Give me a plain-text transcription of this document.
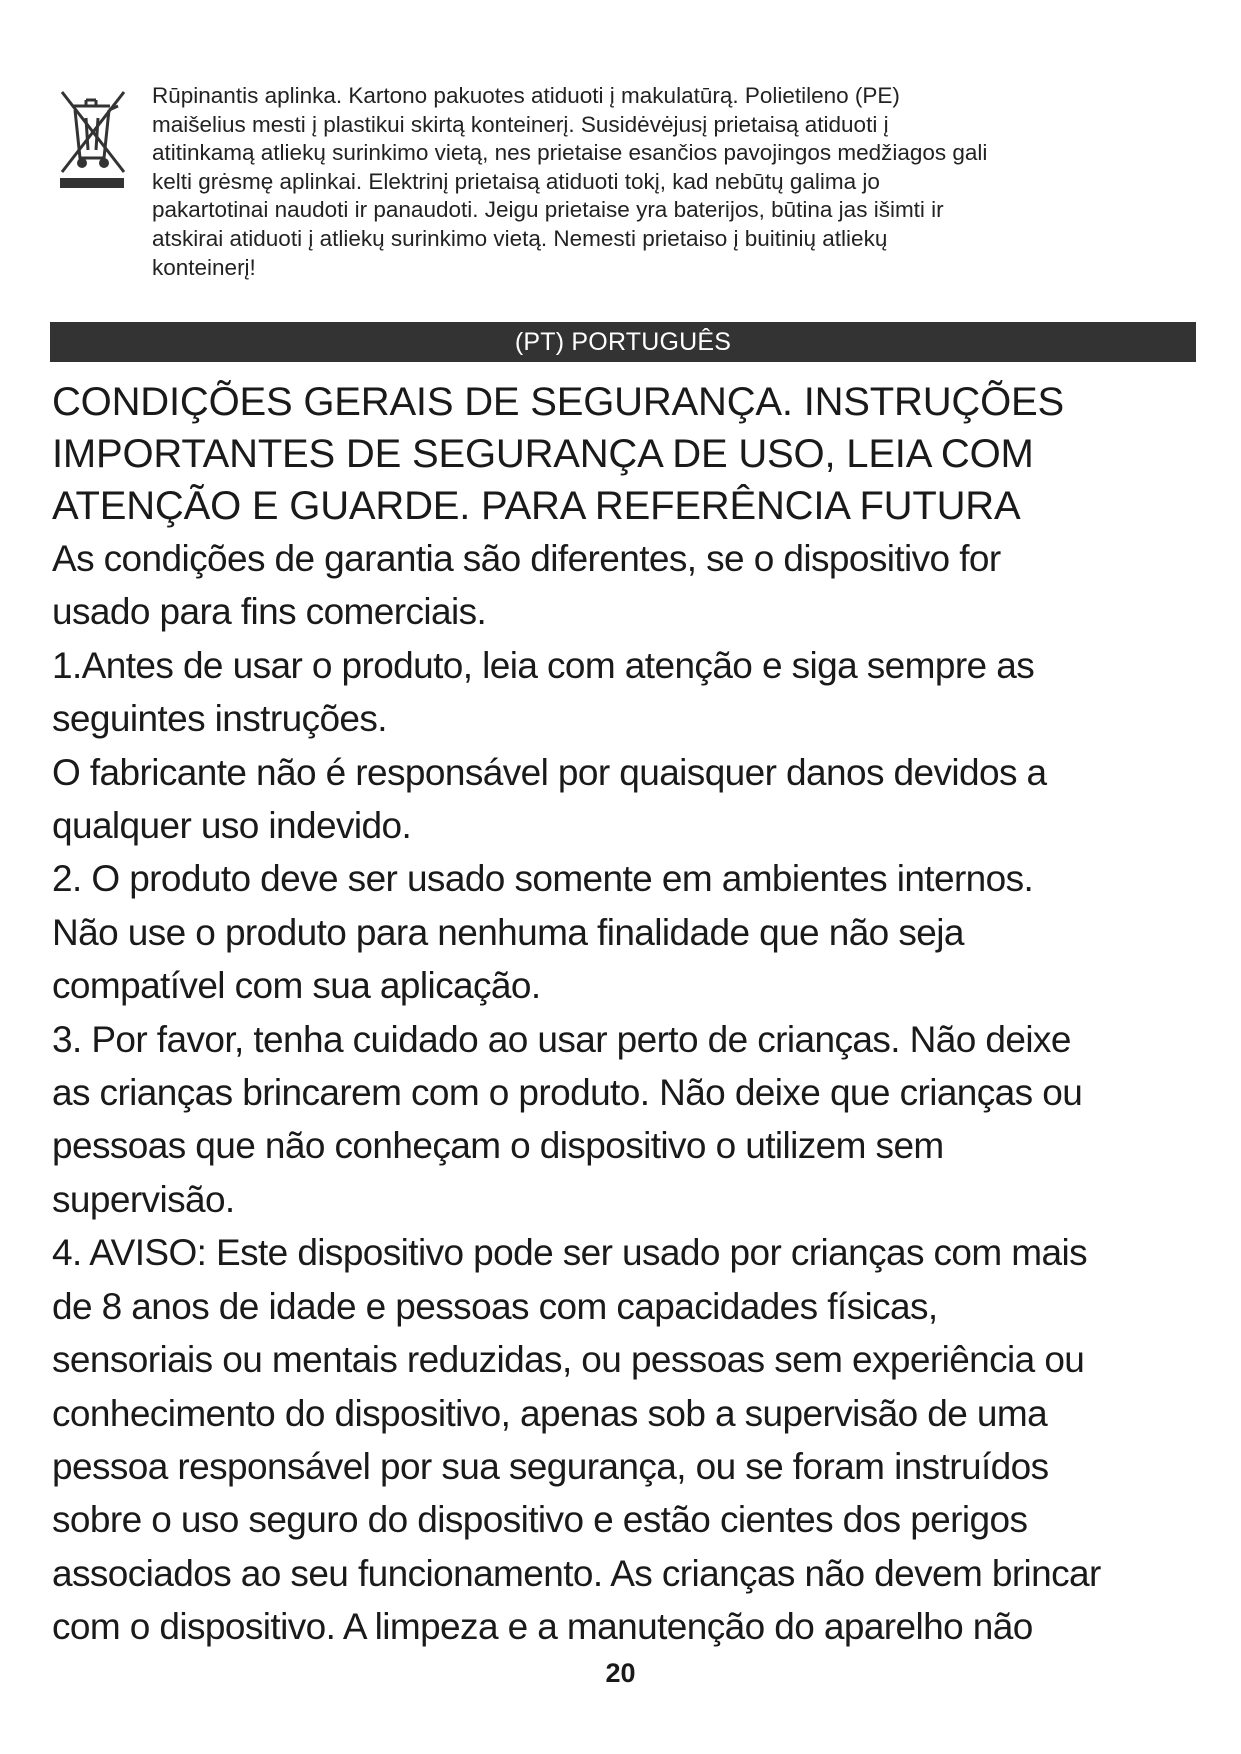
Rūpinantis aplinka. Kartono pakuotes atiduoti į makulatūrą. Polietileno (PE)

maišelius mesti į plastikui skirtą konteinerį. Susidėvėjusį prietaisą atiduoti į

atitinkamą atliekų surinkimo vietą, nes prietaise esančios pavojingos medžiagos gali

kelti grėsmę aplinkai. Elektrinį prietaisą atiduoti tokį, kad nebūtų galima jo

pakartotinai naudoti ir panaudoti. Jeigu prietaise yra baterijos, būtina jas išimti ir

atskirai atiduoti į atliekų surinkimo vietą. Nemesti prietaiso į buitinių atliekų

konteinerį!

(PT) PORTUGUÊS
CONDIÇÕES GERAIS DE SEGURANÇA. INSTRUÇÕES
IMPORTANTES DE SEGURANÇA DE USO, LEIA COM
ATENÇÃO E GUARDE. PARA REFERÊNCIA FUTURA

As condições de garantia são diferentes, se o dispositivo for
usado para fins comerciais.

1.Antes de usar o produto, leia com atenção e siga sempre as
seguintes instruções.

O fabricante não é responsável por quaisquer danos devidos a
qualquer uso indevido.

2. O produto deve ser usado somente em ambientes internos.
Não use o produto para nenhuma finalidade que não seja
compatível com sua aplicação.

3. Por favor, tenha cuidado ao usar perto de crianças. Não deixe
as crianças brincarem com o produto. Não deixe que crianças ou
pessoas que não conheçam o dispositivo o utilizem sem
supervisão.

4. AVISO: Este dispositivo pode ser usado por crianças com mais
de 8 anos de idade e pessoas com capacidades físicas,
sensoriais ou mentais reduzidas, ou pessoas sem experiência ou
conhecimento do dispositivo, apenas sob a supervisão de uma
pessoa responsável por sua segurança, ou se foram instruídos
sobre o uso seguro do dispositivo e estão cientes dos perigos
associados ao seu funcionamento. As crianças não devem brincar
com o dispositivo. A limpeza e a manutenção do aparelho não

20
